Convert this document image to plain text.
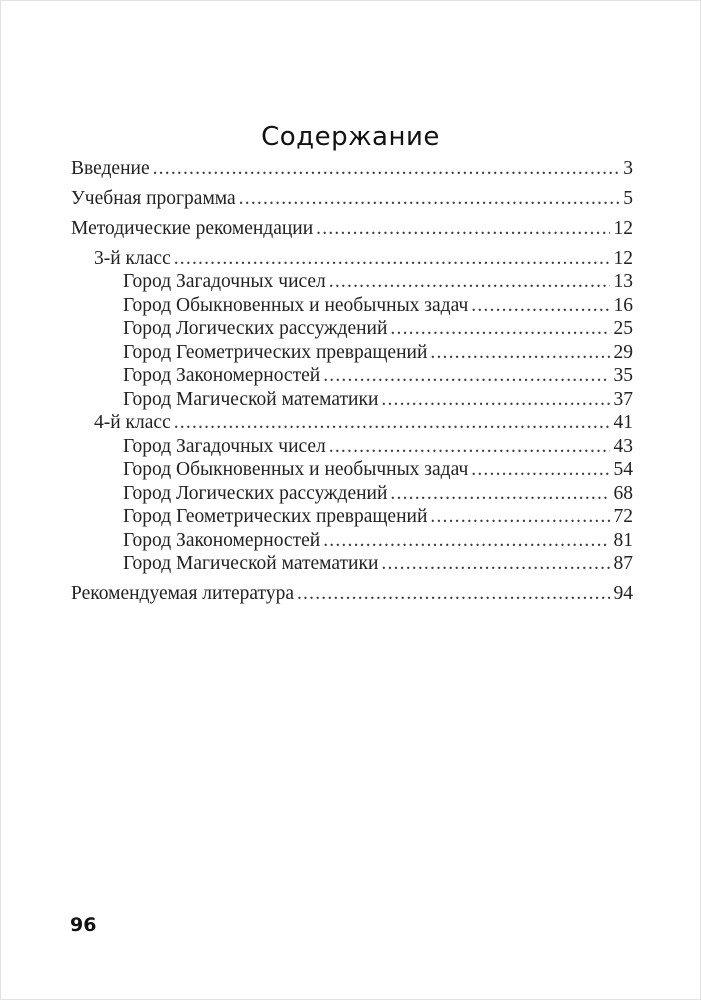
Содержание
Введение .....	3
Учебная программа .....	5
Методические рекомендации .....	12
3-й класс .....	12
Город Загадочных чисел .....	13
Город Обыкновенных и необычных задач .....	16
Город Логических рассуждений .....	25
Город Геометрических превращений .....	29
Город Закономерностей .....	35
Город Магической математики .....	37
4-й класс .....	41
Город Загадочных чисел .....	43
Город Обыкновенных и необычных задач .....	54
Город Логических рассуждений .....	68
Город Геометрических превращений .....	72
Город Закономерностей .....	81
Город Магической математики .....	87
Рекомендуемая литература .....	94
96
